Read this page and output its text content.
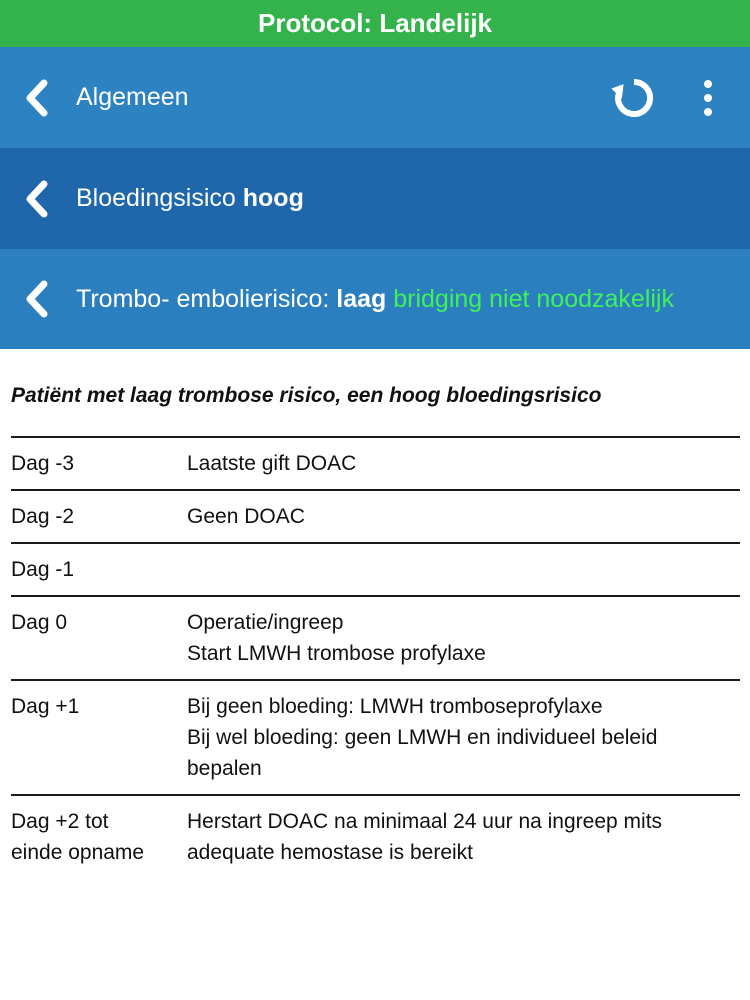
Protocol: Landelijk
Algemeen
Bloedingsisico hoog
Trombo- embolierisico: laag bridging niet noodzakelijk
Patiënt met laag trombose risico, een hoog bloedingsrisico
Dag -3	Laatste gift DOAC

Dag -2	Geen DOAC

Dag -1	

Dag 0	Operatie/ingreep
Start LMWH trombose profylaxe

Dag +1	Bij geen bloeding: LMWH tromboseprofylaxe
Bij wel bloeding: geen LMWH en individueel beleid
bepalen

Dag +2 tot
einde opname	Herstart DOAC na minimaal 24 uur na ingreep mits
adequate hemostase is bereikt
